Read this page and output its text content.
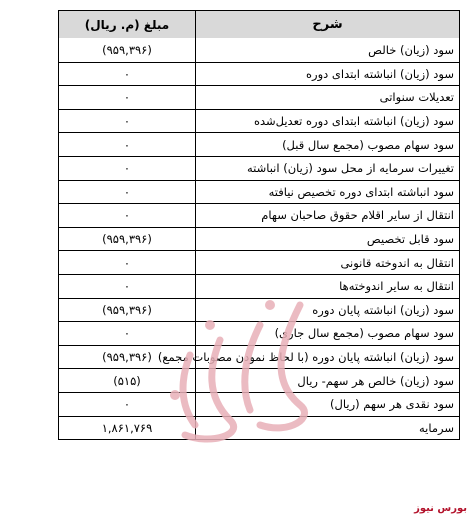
شرح
مبلغ (م. ريال)
سود (زیان) خالص
(۹۵۹,۳۹۶)
سود (زیان) انباشته ابتدای دوره
۰
تعدیلات سنواتی
۰
سود (زیان) انباشته ابتدای دوره تعدیل‌شده
۰
سود سهام مصوب (مجمع سال قبل)
۰
تغییرات سرمایه از محل سود (زیان) انباشته
۰
سود انباشته ابتدای دوره تخصیص نیافته
۰
انتقال از سایر اقلام حقوق صاحبان سهام
۰
سود قابل تخصیص
(۹۵۹,۳۹۶)
انتقال به اندوخته قانونی
۰
انتقال به سایر اندوخته‌ها
۰
سود (زیان) انباشته پایان دوره
(۹۵۹,۳۹۶)
سود سهام مصوب (مجمع سال جاری)
۰
سود (زیان) انباشته پایان دوره (با لحاظ نمودن مصوبات مجمع)
(۹۵۹,۳۹۶)
سود (زیان) خالص هر سهم- ریال
(۵۱۵)
سود نقدی هر سهم (ریال)
۰
سرمایه
۱,۸۶۱,۷۶۹
بورس نیوز
